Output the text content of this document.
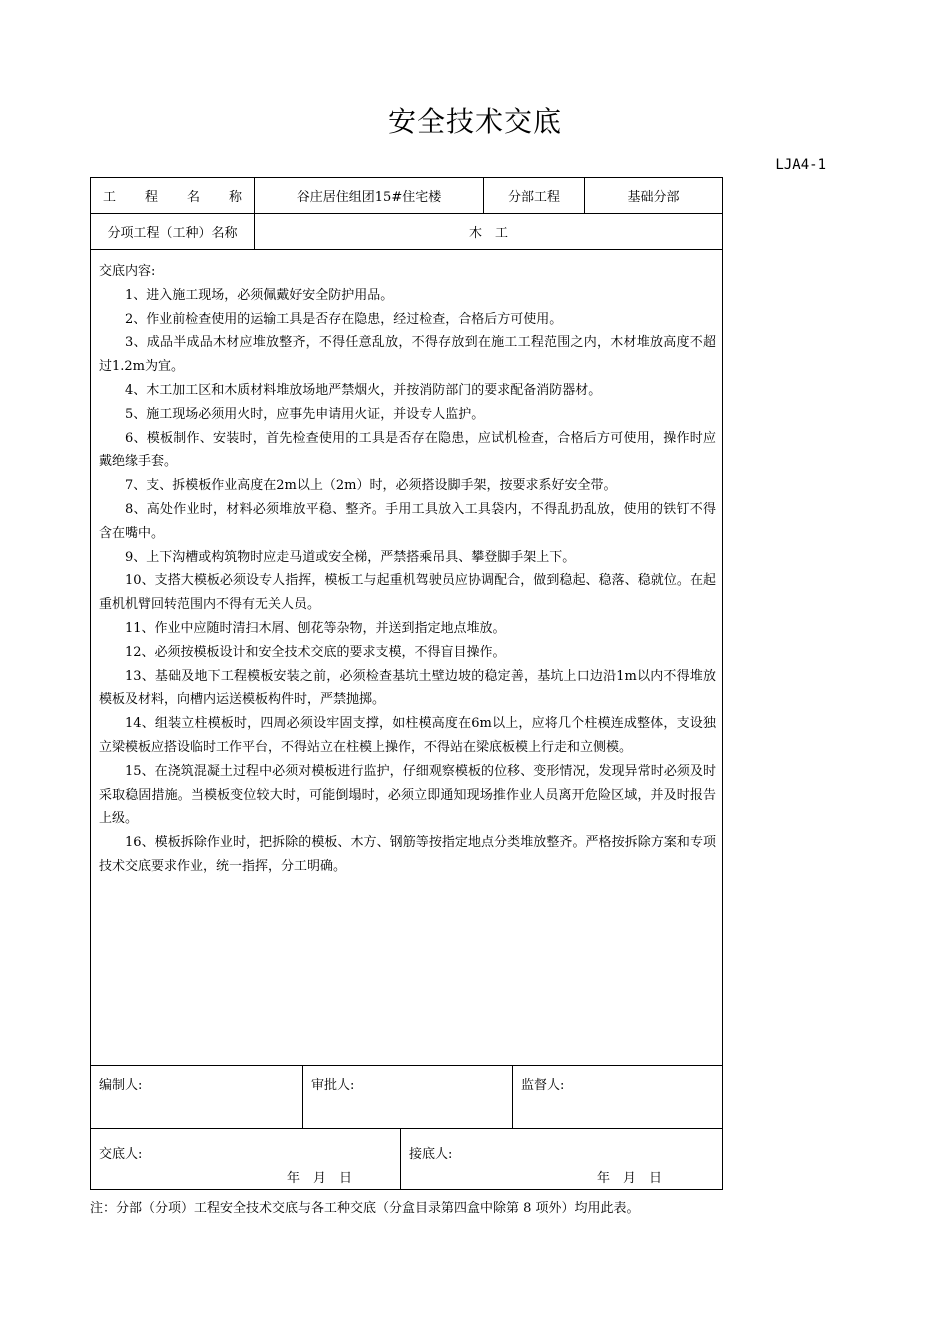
安全技术交底
LJA4-1
工 程 名 称	谷庄居住组团15#住宅楼	分部工程	基础分部
分项工程（工种）名称	木　工

交底内容:

1、进入施工现场，必须佩戴好安全防护用品。

2、作业前检查使用的运输工具是否存在隐患，经过检查，合格后方可使用。

3、成品半成品木材应堆放整齐，不得任意乱放，不得存放到在施工工程范围之内，木材堆放高度不超过1.2m为宜。

4、木工加工区和木质材料堆放场地严禁烟火，并按消防部门的要求配备消防器材。

5、施工现场必须用火时，应事先申请用火证，并设专人监护。

6、模板制作、安装时，首先检查使用的工具是否存在隐患，应试机检查，合格后方可使用，操作时应戴绝缘手套。

7、支、拆模板作业高度在2m以上（2m）时，必须搭设脚手架，按要求系好安全带。

8、高处作业时，材料必须堆放平稳、整齐。手用工具放入工具袋内，不得乱扔乱放，使用的铁钉不得含在嘴中。

9、上下沟槽或构筑物时应走马道或安全梯，严禁搭乘吊具、攀登脚手架上下。

10、支搭大模板必须设专人指挥，模板工与起重机驾驶员应协调配合，做到稳起、稳落、稳就位。在起重机机臂回转范围内不得有无关人员。

11、作业中应随时清扫木屑、刨花等杂物，并送到指定地点堆放。

12、必须按模板设计和安全技术交底的要求支模，不得盲目操作。

13、基础及地下工程模板安装之前，必须检查基坑土壁边坡的稳定善，基坑上口边沿1m以内不得堆放模板及材料，向槽内运送模板构件时，严禁抛掷。

14、组装立柱模板时，四周必须设牢固支撑，如柱模高度在6m以上，应将几个柱模连成整体，支设独立梁模板应搭设临时工作平台，不得站立在柱模上操作，不得站在梁底板模上行走和立侧模。

15、在浇筑混凝土过程中必须对模板进行监护，仔细观察模板的位移、变形情况，发现异常时必须及时采取稳固措施。当模板变位较大时，可能倒塌时，必须立即通知现场推作业人员离开危险区域，并及时报告上级。

16、模板拆除作业时，把拆除的模板、木方、钢筋等按指定地点分类堆放整齐。严格按拆除方案和专项技术交底要求作业，统一指挥，分工明确。

编制人:	审批人:	监督人:
交底人:
年　月　日
接底人:
年　月　日
注：分部（分项）工程安全技术交底与各工种交底（分盒目录第四盒中除第 8 项外）均用此表。
